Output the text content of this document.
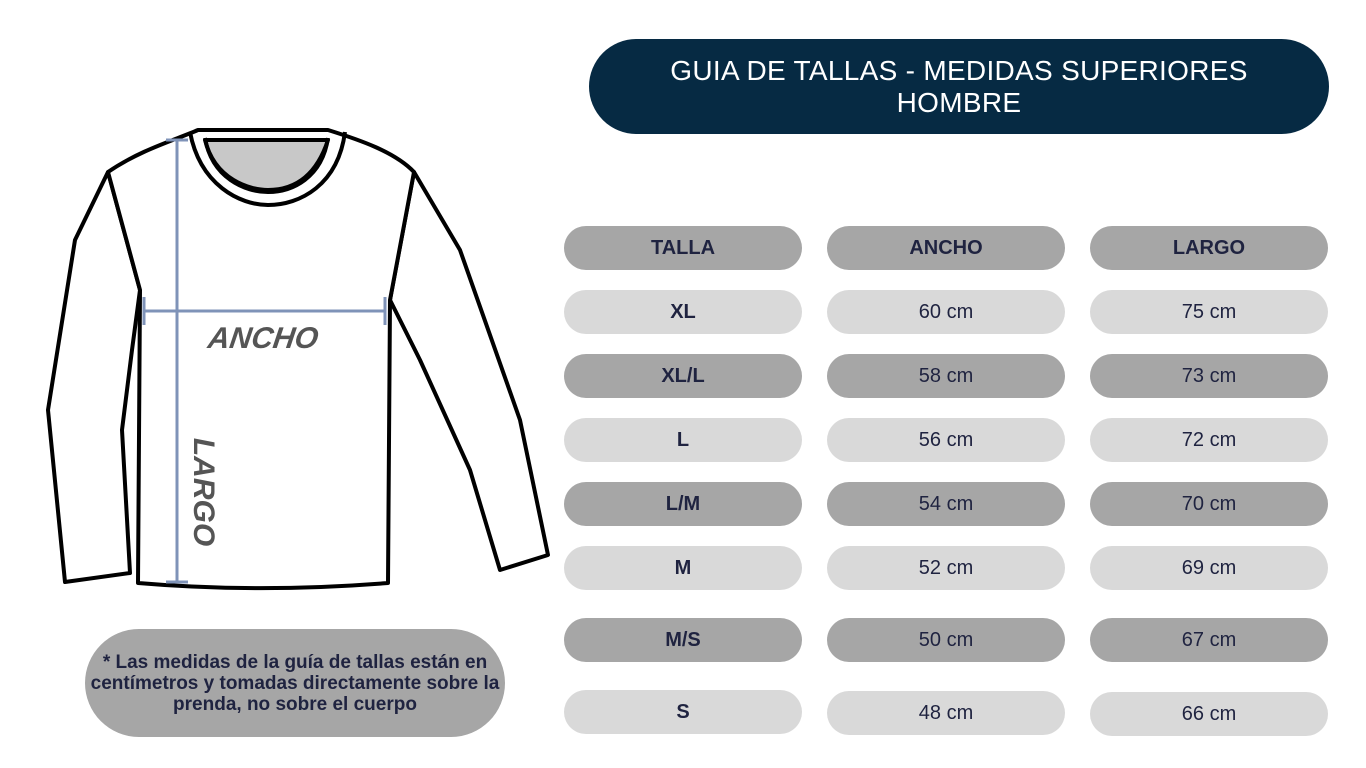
GUIA DE TALLAS - MEDIDAS SUPERIORES
HOMBRE
ANCHO
LARGO
TALLA	ANCHO	LARGO
XL	60 cm	75 cm
XL/L	58 cm	73 cm
L	56 cm	72 cm
L/M	54 cm	70 cm
M	52 cm	69 cm
M/S	50 cm	67 cm
S	48 cm	66 cm
* Las medidas de la guía de tallas están en centímetros y tomadas directamente sobre la prenda, no sobre el cuerpo
